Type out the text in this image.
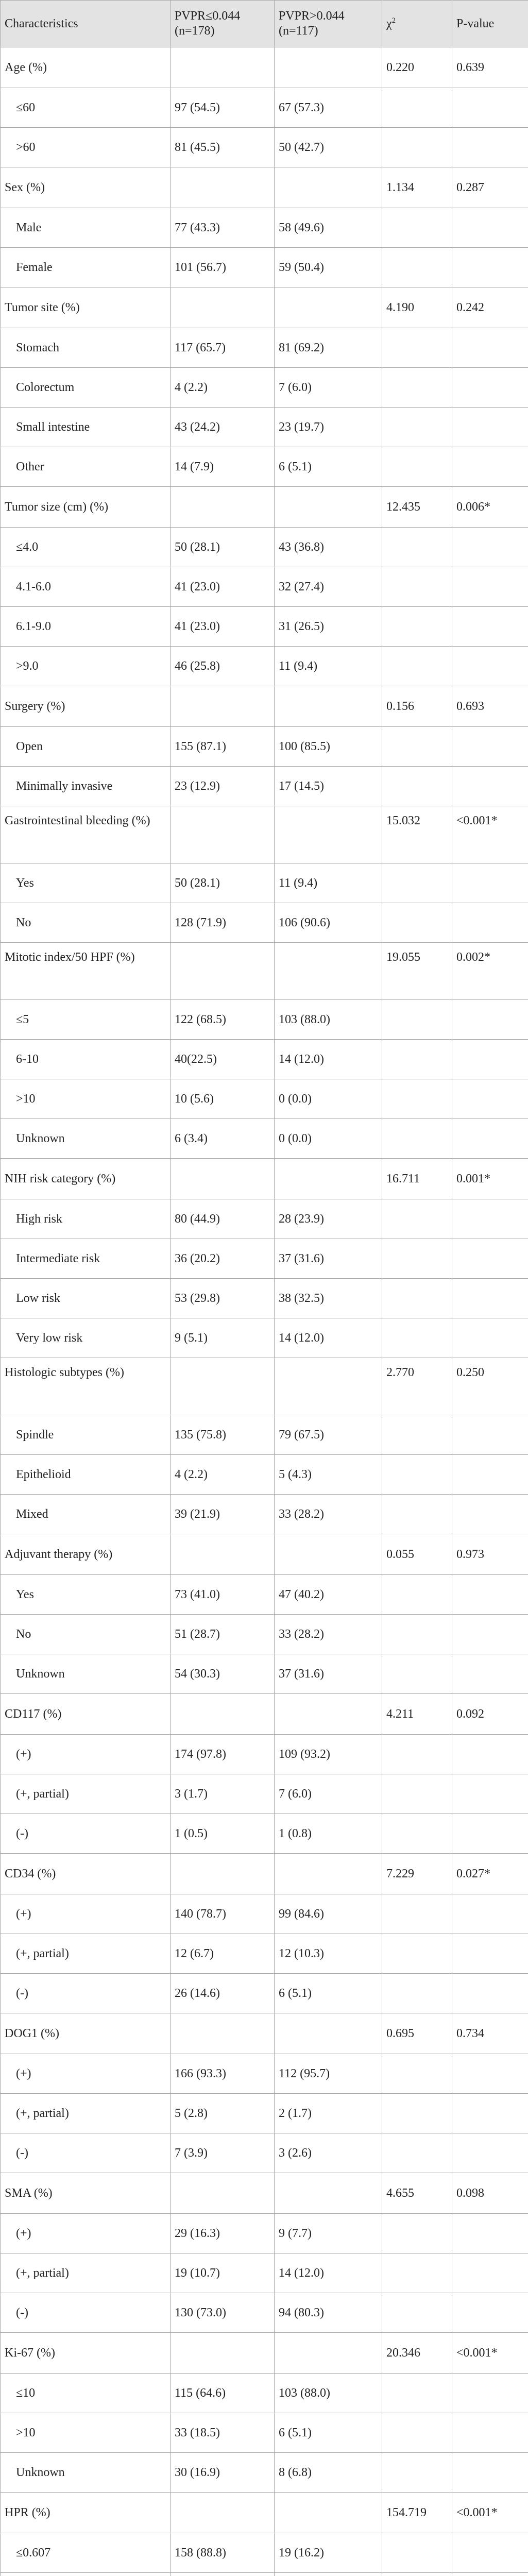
Characteristics	PVPR≤0.044 (n=178)	PVPR>0.044 (n=117)	$\chi^2$	P-value
Age (%)			0.220	0.639
≤60	97 (54.5)	67 (57.3)		
>60	81 (45.5)	50 (42.7)		
Sex (%)			1.134	0.287
Male	77 (43.3)	58 (49.6)		
Female	101 (56.7)	59 (50.4)		
Tumor site (%)			4.190	0.242
Stomach	117 (65.7)	81 (69.2)		
Colorectum	4 (2.2)	7 (6.0)		
Small intestine	43 (24.2)	23 (19.7)		
Other	14 (7.9)	6 (5.1)		
Tumor size (cm) (%)			12.435	0.006*
≤4.0	50 (28.1)	43 (36.8)		
4.1-6.0	41 (23.0)	32 (27.4)		
6.1-9.0	41 (23.0)	31 (26.5)		
>9.0	46 (25.8)	11 (9.4)		
Surgery (%)			0.156	0.693
Open	155 (87.1)	100 (85.5)		
Minimally invasive	23 (12.9)	17 (14.5)		
Gastrointestinal bleeding (%)			15.032	<0.001*
Yes	50 (28.1)	11 (9.4)		
No	128 (71.9)	106 (90.6)		
Mitotic index/50 HPF (%)			19.055	0.002*
≤5	122 (68.5)	103 (88.0)		
6-10	40(22.5)	14 (12.0)		
>10	10 (5.6)	0 (0.0)		
Unknown	6 (3.4)	0 (0.0)		
NIH risk category (%)			16.711	0.001*
High risk	80 (44.9)	28 (23.9)		
Intermediate risk	36 (20.2)	37 (31.6)		
Low risk	53 (29.8)	38 (32.5)		
Very low risk	9 (5.1)	14 (12.0)		
Histologic subtypes (%)			2.770	0.250
Spindle	135 (75.8)	79 (67.5)		
Epithelioid	4 (2.2)	5 (4.3)		
Mixed	39 (21.9)	33 (28.2)		
Adjuvant therapy (%)			0.055	0.973
Yes	73 (41.0)	47 (40.2)		
No	51 (28.7)	33 (28.2)		
Unknown	54 (30.3)	37 (31.6)		
CD117 (%)			4.211	0.092
(+)	174 (97.8)	109 (93.2)		
(+, partial)	3 (1.7)	7 (6.0)		
(-)	1 (0.5)	1 (0.8)		
CD34 (%)			7.229	0.027*
(+)	140 (78.7)	99 (84.6)		
(+, partial)	12 (6.7)	12 (10.3)		
(-)	26 (14.6)	6 (5.1)		
DOG1 (%)			0.695	0.734
(+)	166 (93.3)	112 (95.7)		
(+, partial)	5 (2.8)	2 (1.7)		
(-)	7 (3.9)	3 (2.6)		
SMA (%)			4.655	0.098
(+)	29 (16.3)	9 (7.7)		
(+, partial)	19 (10.7)	14 (12.0)		
(-)	130 (73.0)	94 (80.3)		
Ki-67 (%)			20.346	<0.001*
≤10	115 (64.6)	103 (88.0)		
>10	33 (18.5)	6 (5.1)		
Unknown	30 (16.9)	8 (6.8)		
HPR (%)			154.719	<0.001*
≤0.607	158 (88.8)	19 (16.2)		
